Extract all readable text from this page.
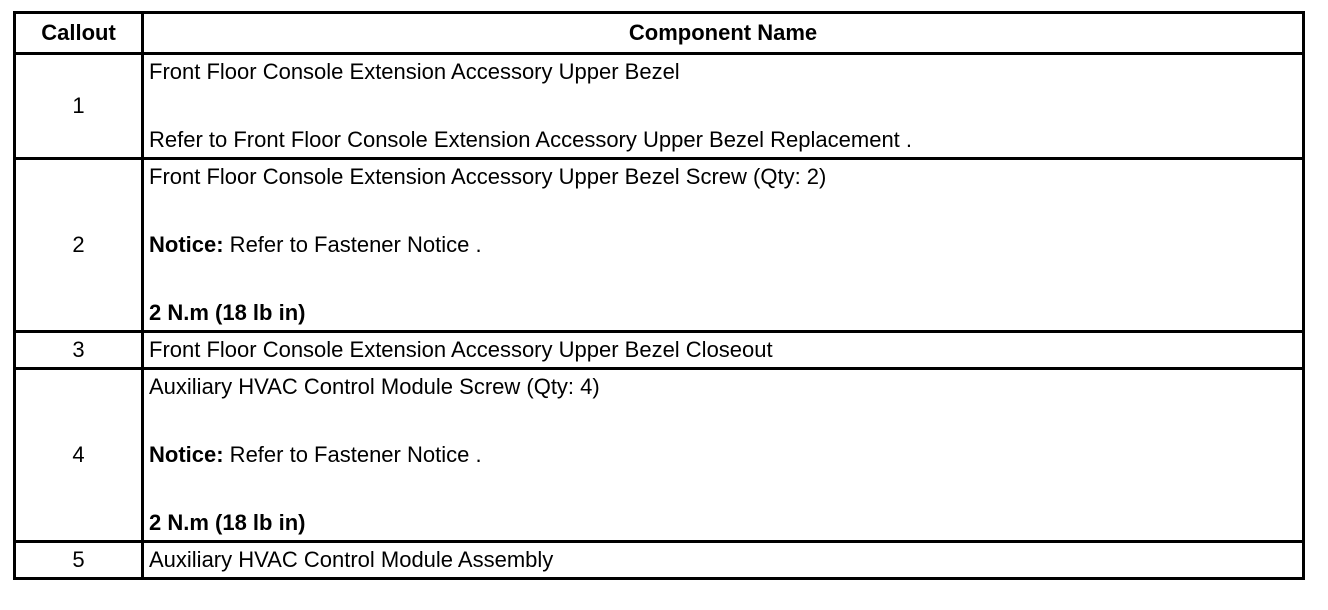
Callout	Component Name
1	Front Floor Console Extension Accessory Upper Bezel
Refer to Front Floor Console Extension Accessory Upper Bezel Replacement .

2	Front Floor Console Extension Accessory Upper Bezel Screw (Qty: 2)
Notice: Refer to Fastener Notice .
2 N.m (18 lb in)

3	Front Floor Console Extension Accessory Upper Bezel Closeout

4	Auxiliary HVAC Control Module Screw (Qty: 4)
Notice: Refer to Fastener Notice .
2 N.m (18 lb in)

5	Auxiliary HVAC Control Module Assembly
